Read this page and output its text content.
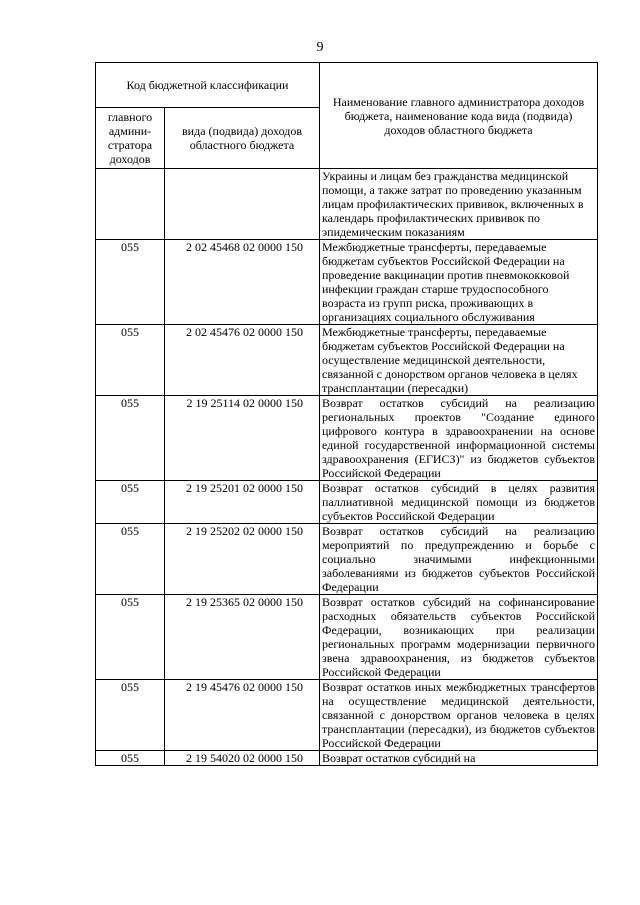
9
Код бюджетной классификации		Наименование главного администратора доходов бюджета, наименование кода вида (подвида) доходов областного бюджета
главного админи-стратора доходов	вида (подвида) доходов областного бюджета	
		Украины и лицам без гражданства медицинской помощи, а также затрат по проведению указанным лицам профилактических прививок, включенных в календарь профилактических прививок по эпидемическим показаниям
055	2 02 45468 02 0000 150	Межбюджетные трансферты, передаваемые бюджетам субъектов Российской Федерации на проведение вакцинации против пневмококковой инфекции граждан старше трудоспособного возраста из групп риска, проживающих в организациях социального обслуживания
055	2 02 45476 02 0000 150	Межбюджетные трансферты, передаваемые бюджетам субъектов Российской Федерации на осуществление медицинской деятельности, связанной с донорством органов человека в целях трансплантации (пересадки)
055	2 19 25114 02 0000 150	Возврат остатков субсидий на реализацию региональных проектов "Создание единого цифрового контура в здравоохранении на основе единой государственной информационной системы здравоохранения (ЕГИСЗ)" из бюджетов субъектов Российской Федерации
055	2 19 25201 02 0000 150	Возврат остатков субсидий в целях развития паллиативной медицинской помощи из бюджетов субъектов Российской Федерации
055	2 19 25202 02 0000 150	Возврат остатков субсидий на реализацию мероприятий по предупреждению и борьбе с социально значимыми инфекционными заболеваниями из бюджетов субъектов Российской Федерации
055	2 19 25365 02 0000 150	Возврат остатков субсидий на софинансирование расходных обязательств субъектов Российской Федерации, возникающих при реализации региональных программ модернизации первичного звена здравоохранения, из бюджетов субъектов Российской Федерации
055	2 19 45476 02 0000 150	Возврат остатков иных межбюджетных трансфертов на осуществление медицинской деятельности, связанной с донорством органов человека в целях трансплантации (пересадки), из бюджетов субъектов Российской Федерации
055	2 19 54020 02 0000 150	Возврат остатков субсидий на
